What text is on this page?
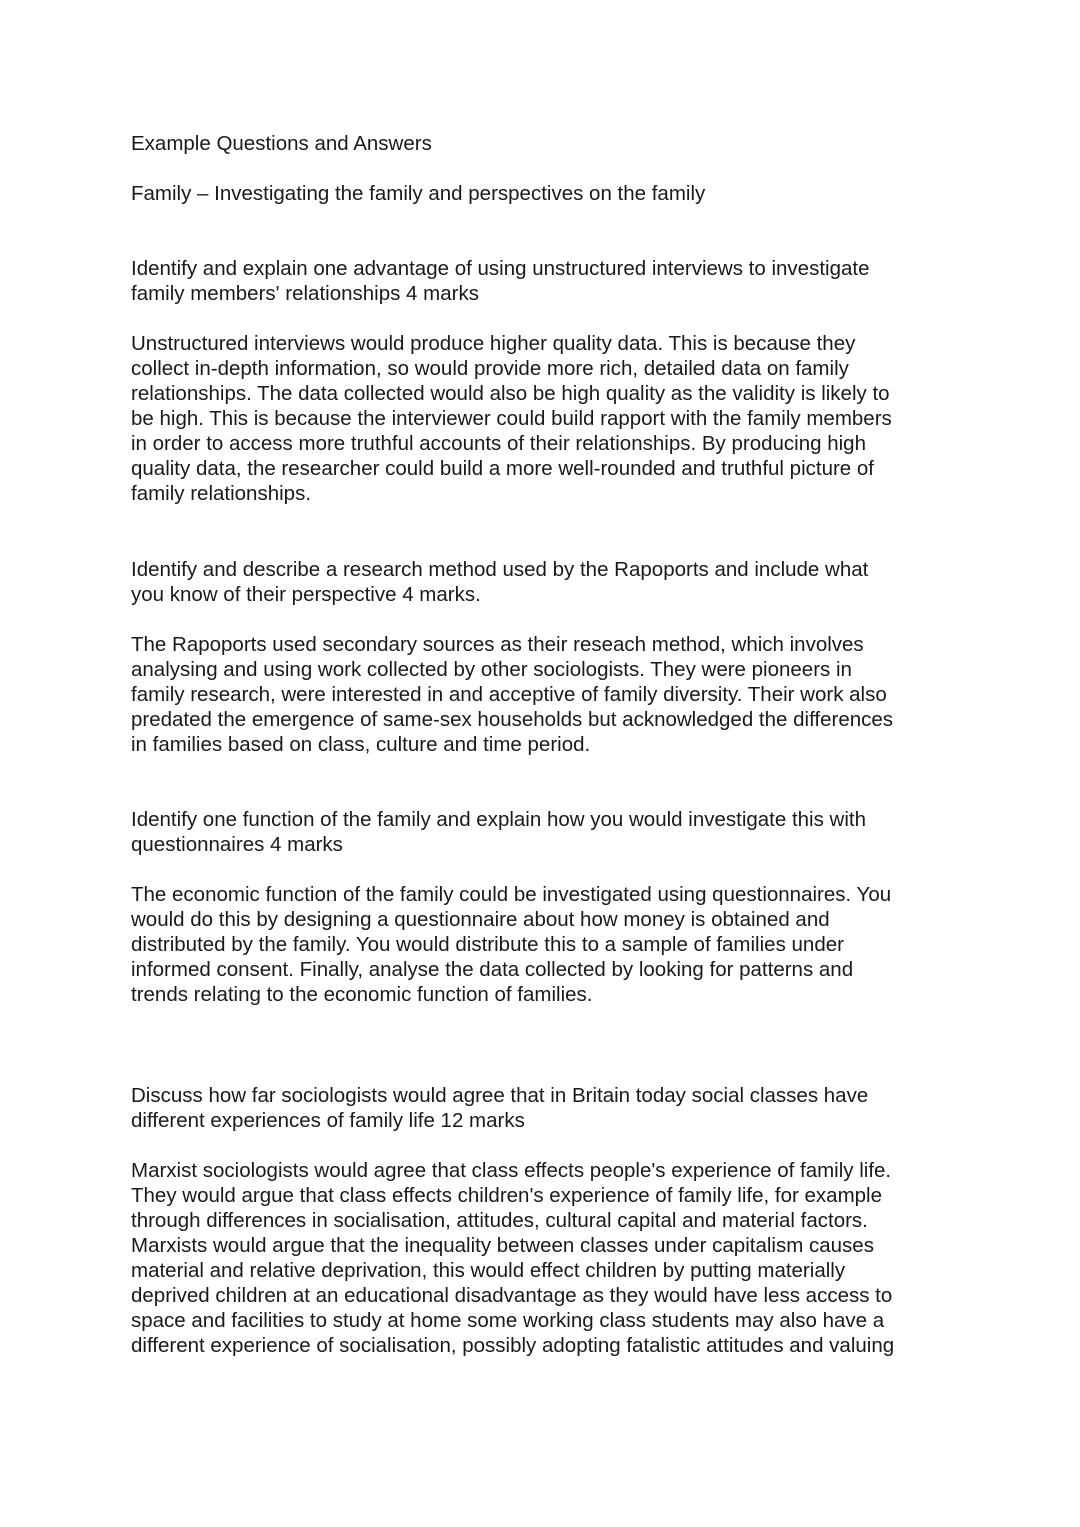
Example Questions and Answers

Family – Investigating the family and perspectives on the family

Identify and explain one advantage of using unstructured interviews to investigate
family members' relationships 4 marks

Unstructured interviews would produce higher quality data. This is because they
collect in-depth information, so would provide more rich, detailed data on family
relationships. The data collected would also be high quality as the validity is likely to
be high. This is because the interviewer could build rapport with the family members
in order to access more truthful accounts of their relationships. By producing high
quality data, the researcher could build a more well-rounded and truthful picture of
family relationships.

Identify and describe a research method used by the Rapoports and include what
you know of their perspective 4 marks.

The Rapoports used secondary sources as their reseach method, which involves
analysing and using work collected by other sociologists. They were pioneers in
family research, were interested in and acceptive of family diversity. Their work also
predated the emergence of same-sex households but acknowledged the differences
in families based on class, culture and time period.

Identify one function of the family and explain how you would investigate this with
questionnaires 4 marks

The economic function of the family could be investigated using questionnaires. You
would do this by designing a questionnaire about how money is obtained and
distributed by the family. You would distribute this to a sample of families under
informed consent. Finally, analyse the data collected by looking for patterns and
trends relating to the economic function of families.

Discuss how far sociologists would agree that in Britain today social classes have
different experiences of family life 12 marks

Marxist sociologists would agree that class effects people's experience of family life.
They would argue that class effects children's experience of family life, for example
through differences in socialisation, attitudes, cultural capital and material factors.
Marxists would argue that the inequality between classes under capitalism causes
material and relative deprivation, this would effect children by putting materially
deprived children at an educational disadvantage as they would have less access to
space and facilities to study at home some working class students may also have a
different experience of socialisation, possibly adopting fatalistic attitudes and valuing
